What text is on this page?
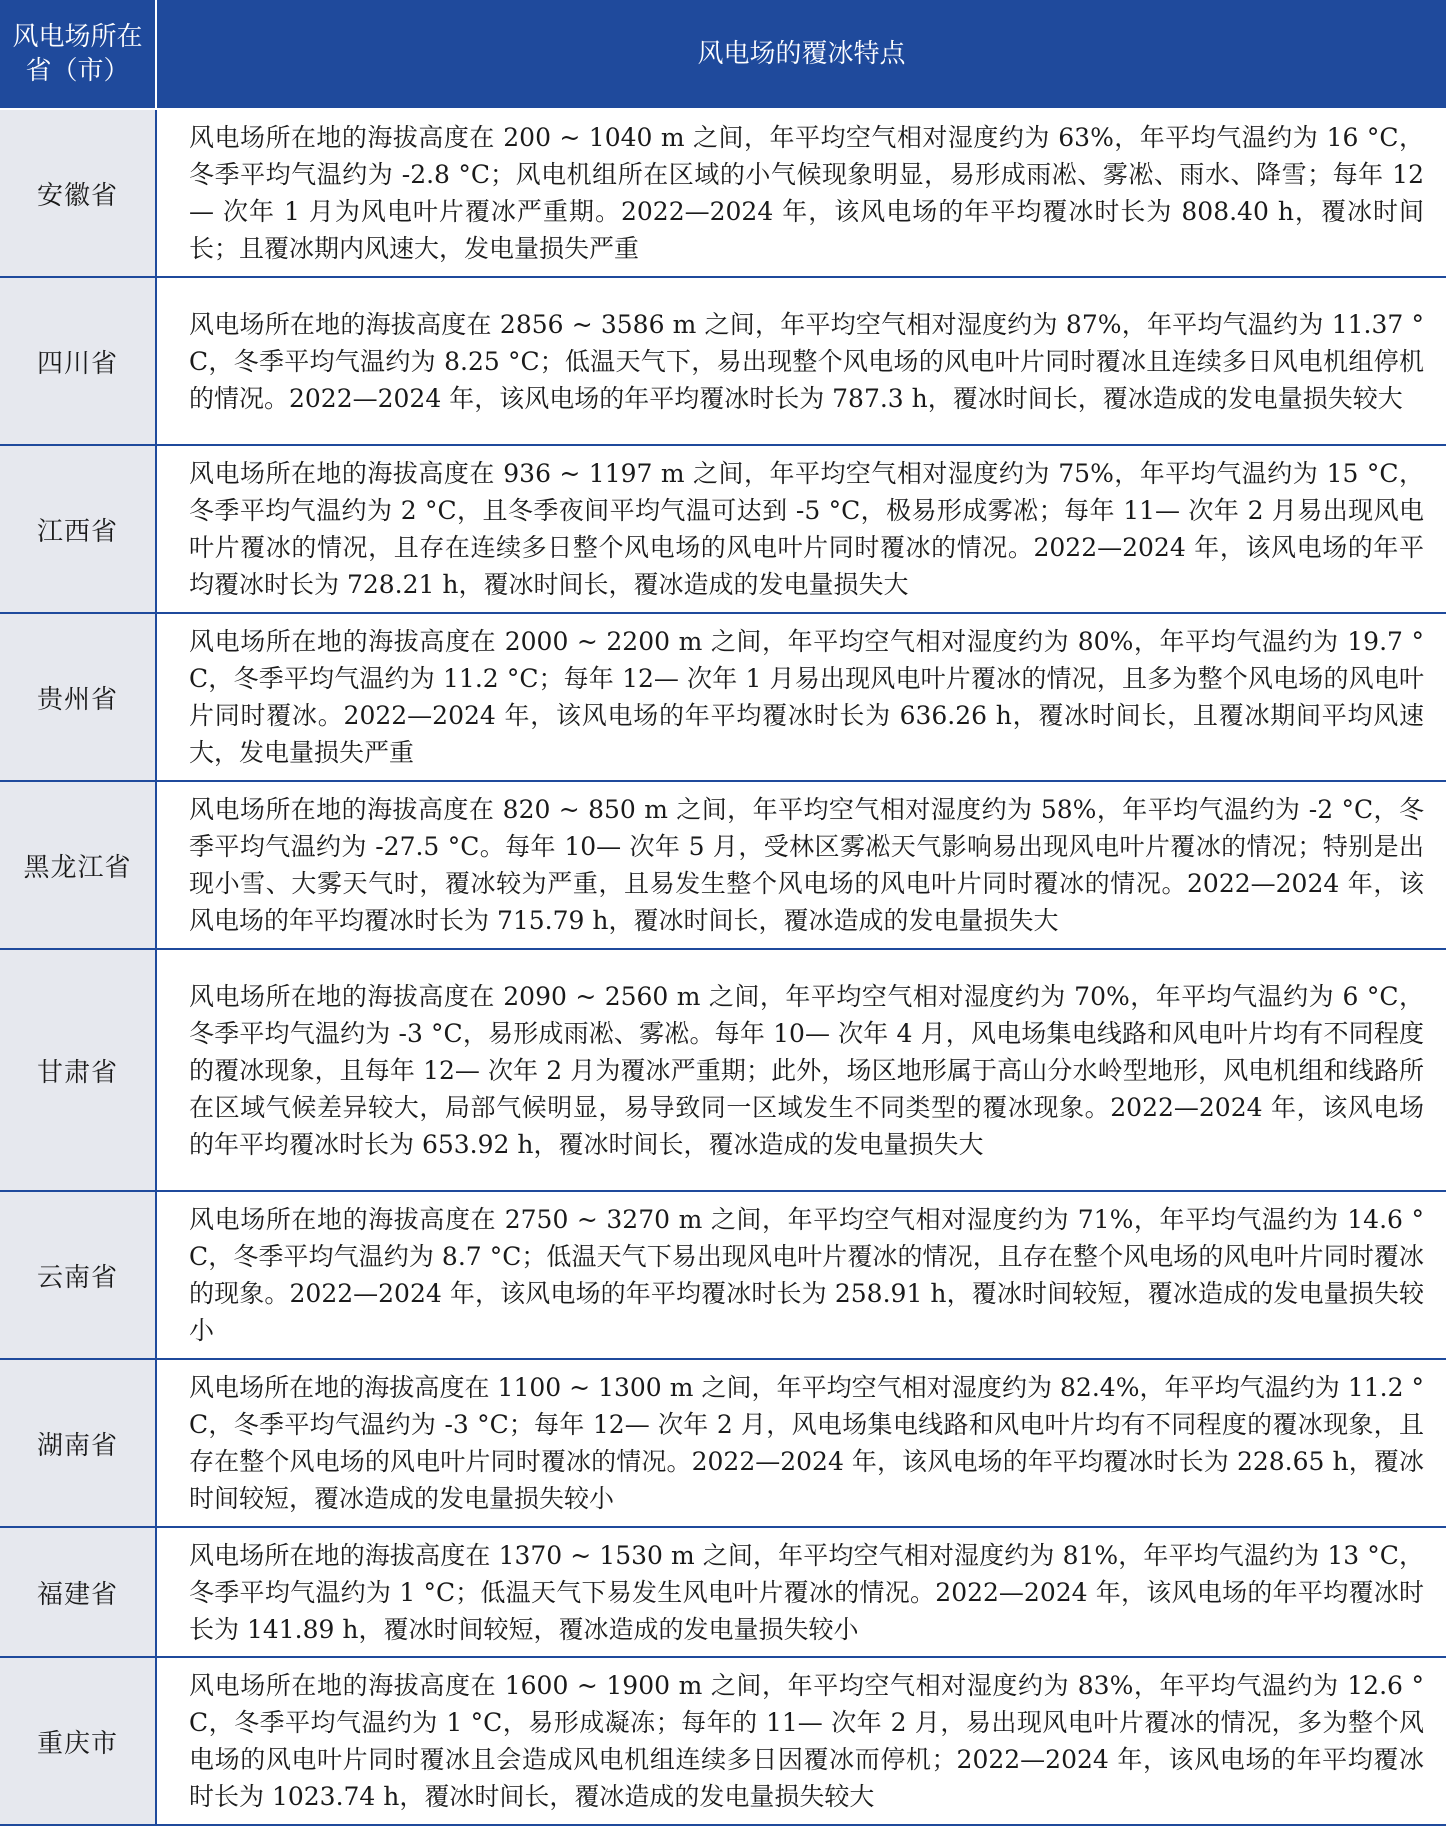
风电场所在省（市）	风电场的覆冰特点
安徽省	风电场所在地的海拔高度在 200 ~ 1040 m 之间，年平均空气相对湿度约为 63%，年平均气温约为 16 °C，冬季平均气温约为 -2.8 °C；风电机组所在区域的小气候现象明显，易形成雨凇、雾凇、雨水、降雪；每年 12— 次年 1 月为风电叶片覆冰严重期。2022—2024 年，该风电场的年平均覆冰时长为 808.40 h，覆冰时间长；且覆冰期内风速大，发电量损失严重
四川省	风电场所在地的海拔高度在 2856 ~ 3586 m 之间，年平均空气相对湿度约为 87%，年平均气温约为 11.37 °C，冬季平均气温约为 8.25 °C；低温天气下，易出现整个风电场的风电叶片同时覆冰且连续多日风电机组停机的情况。2022—2024 年，该风电场的年平均覆冰时长为 787.3 h，覆冰时间长，覆冰造成的发电量损失较大
江西省	风电场所在地的海拔高度在 936 ~ 1197 m 之间，年平均空气相对湿度约为 75%，年平均气温约为 15 °C，冬季平均气温约为 2 °C，且冬季夜间平均气温可达到 -5 °C，极易形成雾凇；每年 11— 次年 2 月易出现风电叶片覆冰的情况，且存在连续多日整个风电场的风电叶片同时覆冰的情况。2022—2024 年，该风电场的年平均覆冰时长为 728.21 h，覆冰时间长，覆冰造成的发电量损失大
贵州省	风电场所在地的海拔高度在 2000 ~ 2200 m 之间，年平均空气相对湿度约为 80%，年平均气温约为 19.7 °C，冬季平均气温约为 11.2 °C；每年 12— 次年 1 月易出现风电叶片覆冰的情况，且多为整个风电场的风电叶片同时覆冰。2022—2024 年，该风电场的年平均覆冰时长为 636.26 h，覆冰时间长，且覆冰期间平均风速大，发电量损失严重
黑龙江省	风电场所在地的海拔高度在 820 ~ 850 m 之间，年平均空气相对湿度约为 58%，年平均气温约为 -2 °C，冬季平均气温约为 -27.5 °C。每年 10— 次年 5 月，受林区雾凇天气影响易出现风电叶片覆冰的情况；特别是出现小雪、大雾天气时，覆冰较为严重，且易发生整个风电场的风电叶片同时覆冰的情况。2022—2024 年，该风电场的年平均覆冰时长为 715.79 h，覆冰时间长，覆冰造成的发电量损失大
甘肃省	风电场所在地的海拔高度在 2090 ~ 2560 m 之间，年平均空气相对湿度约为 70%，年平均气温约为 6 °C，冬季平均气温约为 -3 °C，易形成雨凇、雾凇。每年 10— 次年 4 月，风电场集电线路和风电叶片均有不同程度的覆冰现象，且每年 12— 次年 2 月为覆冰严重期；此外，场区地形属于高山分水岭型地形，风电机组和线路所在区域气候差异较大，局部气候明显，易导致同一区域发生不同类型的覆冰现象。2022—2024 年，该风电场的年平均覆冰时长为 653.92 h，覆冰时间长，覆冰造成的发电量损失大
云南省	风电场所在地的海拔高度在 2750 ~ 3270 m 之间，年平均空气相对湿度约为 71%，年平均气温约为 14.6 °C，冬季平均气温约为 8.7 °C；低温天气下易出现风电叶片覆冰的情况，且存在整个风电场的风电叶片同时覆冰的现象。2022—2024 年，该风电场的年平均覆冰时长为 258.91 h，覆冰时间较短，覆冰造成的发电量损失较小
湖南省	风电场所在地的海拔高度在 1100 ~ 1300 m 之间，年平均空气相对湿度约为 82.4%，年平均气温约为 11.2 °C，冬季平均气温约为 -3 °C；每年 12— 次年 2 月，风电场集电线路和风电叶片均有不同程度的覆冰现象，且存在整个风电场的风电叶片同时覆冰的情况。2022—2024 年，该风电场的年平均覆冰时长为 228.65 h，覆冰时间较短，覆冰造成的发电量损失较小
福建省	风电场所在地的海拔高度在 1370 ~ 1530 m 之间，年平均空气相对湿度约为 81%，年平均气温约为 13 °C，冬季平均气温约为 1 °C；低温天气下易发生风电叶片覆冰的情况。2022—2024 年，该风电场的年平均覆冰时长为 141.89 h，覆冰时间较短，覆冰造成的发电量损失较小
重庆市	风电场所在地的海拔高度在 1600 ~ 1900 m 之间，年平均空气相对湿度约为 83%，年平均气温约为 12.6 °C，冬季平均气温约为 1 °C，易形成凝冻；每年的 11— 次年 2 月，易出现风电叶片覆冰的情况，多为整个风电场的风电叶片同时覆冰且会造成风电机组连续多日因覆冰而停机；2022—2024 年，该风电场的年平均覆冰时长为 1023.74 h，覆冰时间长，覆冰造成的发电量损失较大
